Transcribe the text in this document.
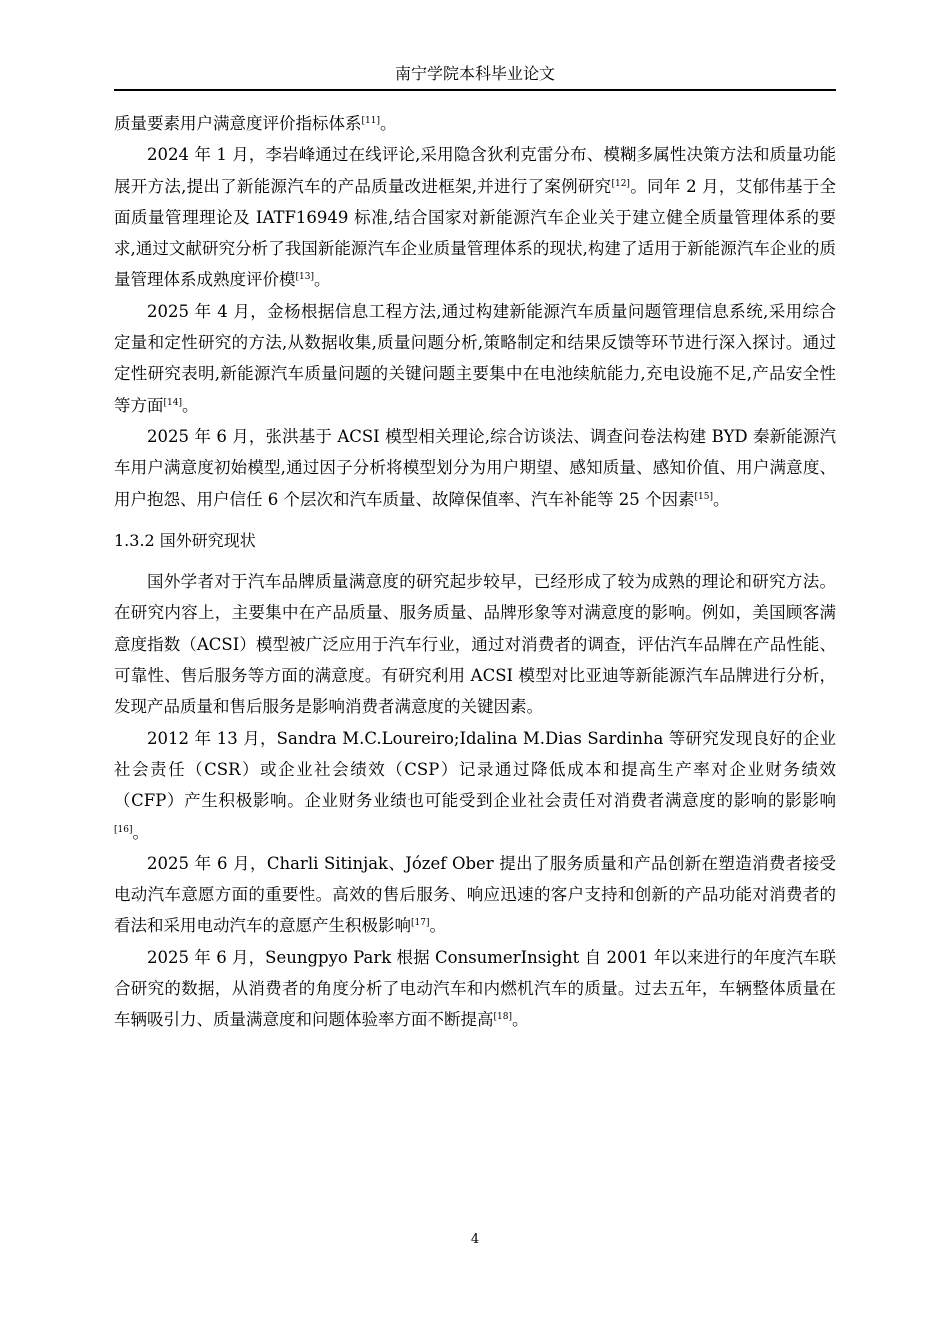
南宁学院本科毕业论文

质量要素用户满意度评价指标体系[11]。

2024 年 1 月，李岩峰通过在线评论,采用隐含狄利克雷分布、模糊多属性决策方法和质量功能展开方法,提出了新能源汽车的产品质量改进框架,并进行了案例研究[12]。同年 2 月，艾郁伟基于全面质量管理理论及 IATF16949 标准,结合国家对新能源汽车企业关于建立健全质量管理体系的要求,通过文献研究分析了我国新能源汽车企业质量管理体系的现状,构建了适用于新能源汽车企业的质量管理体系成熟度评价模[13]。

2025 年 4 月，金杨根据信息工程方法,通过构建新能源汽车质量问题管理信息系统,采用综合定量和定性研究的方法,从数据收集,质量问题分析,策略制定和结果反馈等环节进行深入探讨。通过定性研究表明,新能源汽车质量问题的关键问题主要集中在电池续航能力,充电设施不足,产品安全性等方面[14]。

2025 年 6 月，张洪基于 ACSI 模型相关理论,综合访谈法、调查问卷法构建 BYD 秦新能源汽车用户满意度初始模型,通过因子分析将模型划分为用户期望、感知质量、感知价值、用户满意度、用户抱怨、用户信任 6 个层次和汽车质量、故障保值率、汽车补能等 25 个因素[15]。

1.3.2 国外研究现状

国外学者对于汽车品牌质量满意度的研究起步较早，已经形成了较为成熟的理论和研究方法。在研究内容上，主要集中在产品质量、服务质量、品牌形象等对满意度的影响。例如，美国顾客满意度指数（ACSI）模型被广泛应用于汽车行业，通过对消费者的调查，评估汽车品牌在产品性能、可靠性、售后服务等方面的满意度。有研究利用 ACSI 模型对比亚迪等新能源汽车品牌进行分析，发现产品质量和售后服务是影响消费者满意度的关键因素。

2012 年 13 月，Sandra M.C.Loureiro;Idalina M.Dias Sardinha 等研究发现良好的企业社会责任（CSR）或企业社会绩效（CSP）记录通过降低成本和提高生产率对企业财务绩效（CFP）产生积极影响。企业财务业绩也可能受到企业社会责任对消费者满意度的影响的影影响[16]。

2025 年 6 月，Charli Sitinjak、Józef Ober 提出了服务质量和产品创新在塑造消费者接受电动汽车意愿方面的重要性。高效的售后服务、响应迅速的客户支持和创新的产品功能对消费者的看法和采用电动汽车的意愿产生积极影响[17]。

2025 年 6 月，Seungpyo Park 根据 ConsumerInsight 自 2001 年以来进行的年度汽车联合研究的数据，从消费者的角度分析了电动汽车和内燃机汽车的质量。过去五年，车辆整体质量在车辆吸引力、质量满意度和问题体验率方面不断提高[18]。

4
